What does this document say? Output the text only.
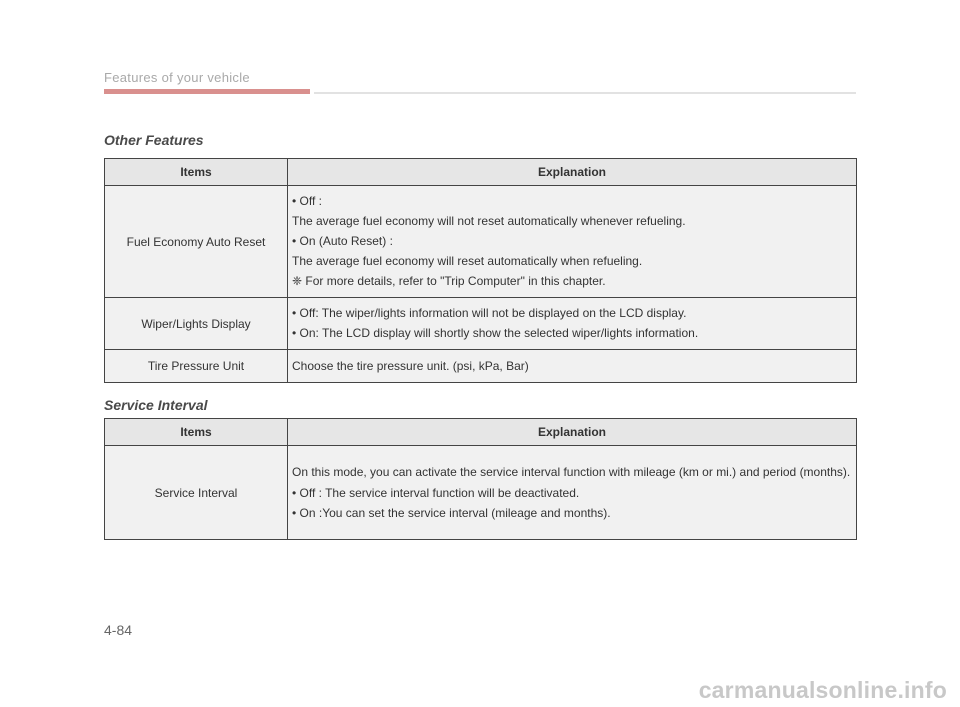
Features of your vehicle
Other Features
Items	Explanation
Fuel Economy Auto Reset	• Off :
The average fuel economy will not reset automatically whenever refueling.
• On (Auto Reset) :
The average fuel economy will reset automatically when refueling.
❈ For more details, refer to "Trip Computer" in this chapter.

Wiper/Lights Display	• Off: The wiper/lights information will not be displayed on the LCD display.
• On: The LCD display will shortly show the selected wiper/lights information.

Tire Pressure Unit	Choose the tire pressure unit. (psi, kPa, Bar)
Service Interval
Items	Explanation
Service Interval	On this mode, you can activate the service interval function with mileage (km or mi.) and period (months).
• Off : The service interval function will be deactivated.
• On :You can set the service interval (mileage and months).
4-84
carmanualsonline.info
